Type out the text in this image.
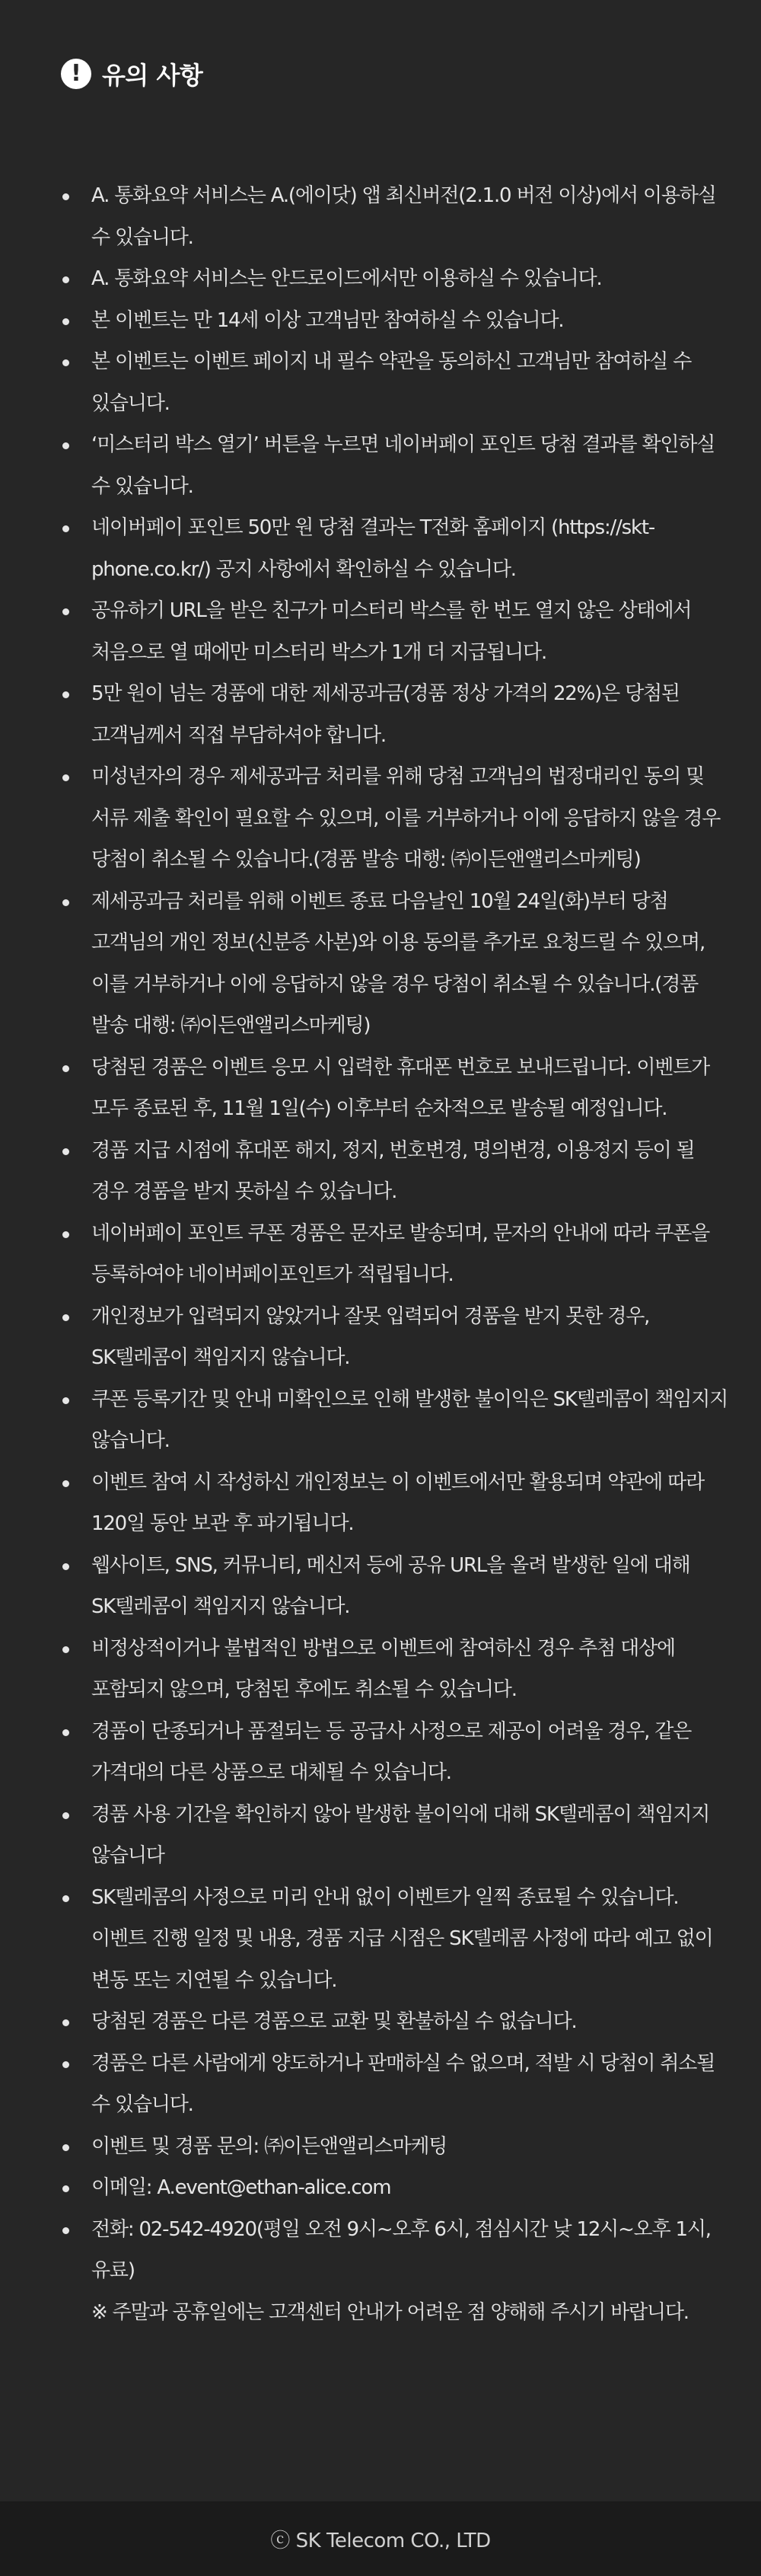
! 유의 사항
A. 통화요약 서비스는 A.(에이닷) 앱 최신버전(2.1.0 버전 이상)에서 이용하실 수 있습니다.
A. 통화요약 서비스는 안드로이드에서만 이용하실 수 있습니다.
본 이벤트는 만 14세 이상 고객님만 참여하실 수 있습니다.
본 이벤트는 이벤트 페이지 내 필수 약관을 동의하신 고객님만 참여하실 수 있습니다.
‘미스터리 박스 열기’ 버튼을 누르면 네이버페이 포인트 당첨 결과를 확인하실 수 있습니다.
네이버페이 포인트 50만 원 당첨 결과는 T전화 홈페이지 (https://skt-phone.co.kr/) 공지 사항에서 확인하실 수 있습니다.
공유하기 URL을 받은 친구가 미스터리 박스를 한 번도 열지 않은 상태에서 처음으로 열 때에만 미스터리 박스가 1개 더 지급됩니다.
5만 원이 넘는 경품에 대한 제세공과금(경품 정상 가격의 22%)은 당첨된 고객님께서 직접 부담하셔야 합니다.
미성년자의 경우 제세공과금 처리를 위해 당첨 고객님의 법정대리인 동의 및 서류 제출 확인이 필요할 수 있으며, 이를 거부하거나 이에 응답하지 않을 경우 당첨이 취소될 수 있습니다.(경품 발송 대행: ㈜이든앤앨리스마케팅)
제세공과금 처리를 위해 이벤트 종료 다음날인 10월 24일(화)부터 당첨 고객님의 개인 정보(신분증 사본)와 이용 동의를 추가로 요청드릴 수 있으며, 이를 거부하거나 이에 응답하지 않을 경우 당첨이 취소될 수 있습니다.(경품 발송 대행: ㈜이든앤앨리스마케팅)
당첨된 경품은 이벤트 응모 시 입력한 휴대폰 번호로 보내드립니다. 이벤트가 모두 종료된 후, 11월 1일(수) 이후부터 순차적으로 발송될 예정입니다.
경품 지급 시점에 휴대폰 해지, 정지, 번호변경, 명의변경, 이용정지 등이 될 경우 경품을 받지 못하실 수 있습니다.
네이버페이 포인트 쿠폰 경품은 문자로 발송되며, 문자의 안내에 따라 쿠폰을 등록하여야 네이버페이포인트가 적립됩니다.
개인정보가 입력되지 않았거나 잘못 입력되어 경품을 받지 못한 경우, SK텔레콤이 책임지지 않습니다.
쿠폰 등록기간 및 안내 미확인으로 인해 발생한 불이익은 SK텔레콤이 책임지지 않습니다.
이벤트 참여 시 작성하신 개인정보는 이 이벤트에서만 활용되며 약관에 따라 120일 동안 보관 후 파기됩니다.
웹사이트, SNS, 커뮤니티, 메신저 등에 공유 URL을 올려 발생한 일에 대해 SK텔레콤이 책임지지 않습니다.
비정상적이거나 불법적인 방법으로 이벤트에 참여하신 경우 추첨 대상에 포함되지 않으며, 당첨된 후에도 취소될 수 있습니다.
경품이 단종되거나 품절되는 등 공급사 사정으로 제공이 어려울 경우, 같은 가격대의 다른 상품으로 대체될 수 있습니다.
경품 사용 기간을 확인하지 않아 발생한 불이익에 대해 SK텔레콤이 책임지지 않습니다
SK텔레콤의 사정으로 미리 안내 없이 이벤트가 일찍 종료될 수 있습니다. 이벤트 진행 일정 및 내용, 경품 지급 시점은 SK텔레콤 사정에 따라 예고 없이 변동 또는 지연될 수 있습니다.
당첨된 경품은 다른 경품으로 교환 및 환불하실 수 없습니다.
경품은 다른 사람에게 양도하거나 판매하실 수 없으며, 적발 시 당첨이 취소될 수 있습니다.
이벤트 및 경품 문의: ㈜이든앤앨리스마케팅
이메일: A.event@ethan-alice.com
전화: 02-542-4920(평일 오전 9시~오후 6시, 점심시간 낮 12시~오후 1시, 유료)
※ 주말과 공휴일에는 고객센터 안내가 어려운 점 양해해 주시기 바랍니다.
ⓒ SK Telecom CO., LTD
